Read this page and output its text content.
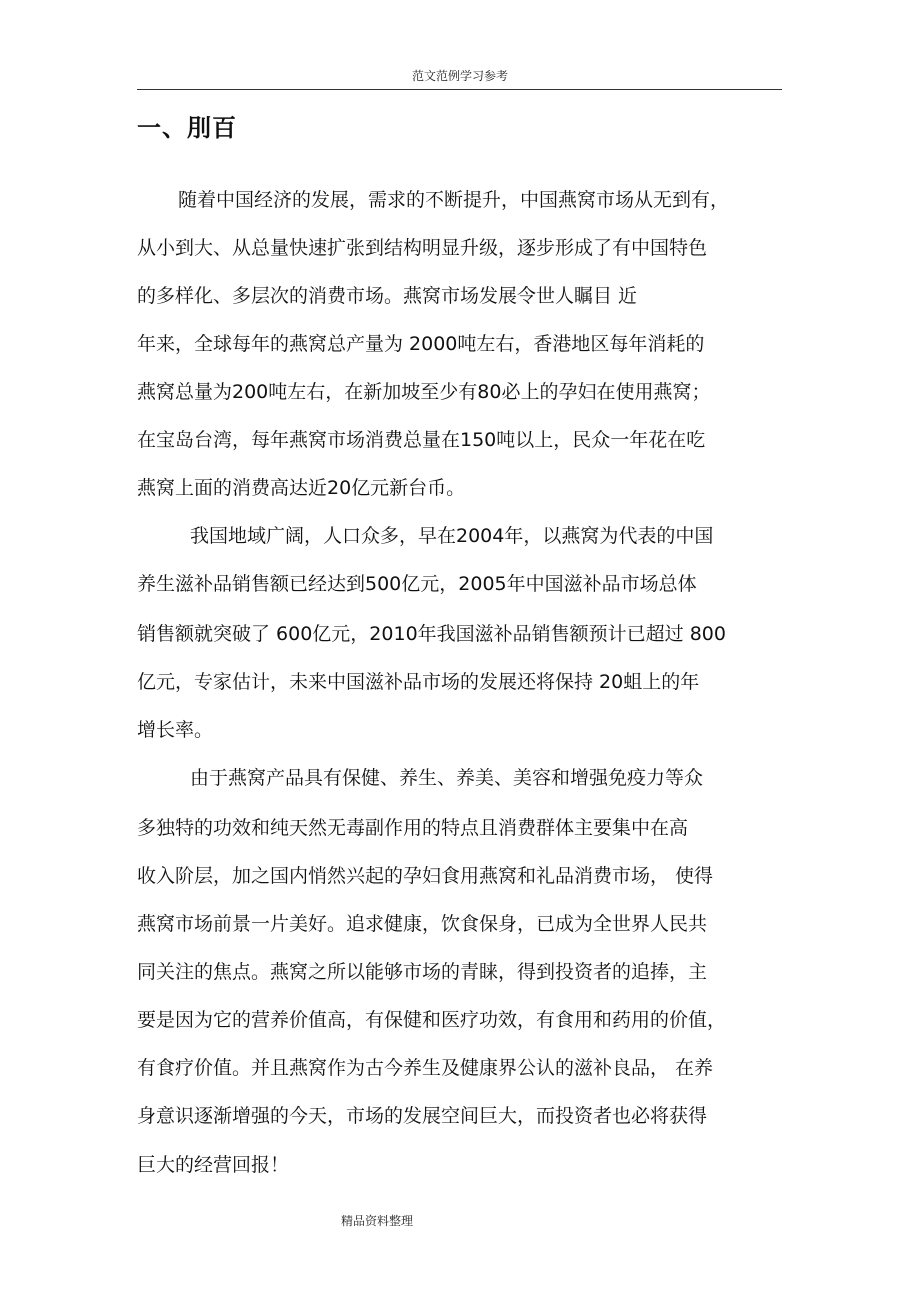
范文范例学习参考
一、刖百
随着中国经济的发展，需求的不断提升，中国燕窝市场从无到有，
从小到大、从总量快速扩张到结构明显升级，逐步形成了有中国特色
的多样化、多层次的消费市场。燕窝市场发展令世人瞩目 近
年来，全球每年的燕窝总产量为 2000吨左右，香港地区每年消耗的
燕窝总量为200吨左右，在新加坡至少有80必上的孕妇在使用燕窝；
在宝岛台湾，每年燕窝市场消费总量在150吨以上，民众一年花在吃
燕窝上面的消费高达近20亿元新台币。
我国地域广阔，人口众多，早在2004年，以燕窝为代表的中国
养生滋补品销售额已经达到500亿元，2005年中国滋补品市场总体
销售额就突破了 600亿元，2010年我国滋补品销售额预计已超过 800
亿元，专家估计，未来中国滋补品市场的发展还将保持 20蛆上的年
增长率。
由于燕窝产品具有保健、养生、养美、美容和增强免疫力等众
多独特的功效和纯天然无毒副作用的特点且消费群体主要集中在高
收入阶层，加之国内悄然兴起的孕妇食用燕窝和礼品消费市场， 使得
燕窝市场前景一片美好。追求健康，饮食保身，已成为全世界人民共
同关注的焦点。燕窝之所以能够市场的青睐，得到投资者的追捧，主
要是因为它的营养价值高，有保健和医疗功效，有食用和药用的价值，
有食疗价值。并且燕窝作为古今养生及健康界公认的滋补良品， 在养
身意识逐渐增强的今天，市场的发展空间巨大，而投资者也必将获得
巨大的经营回报！
精品资料整理
